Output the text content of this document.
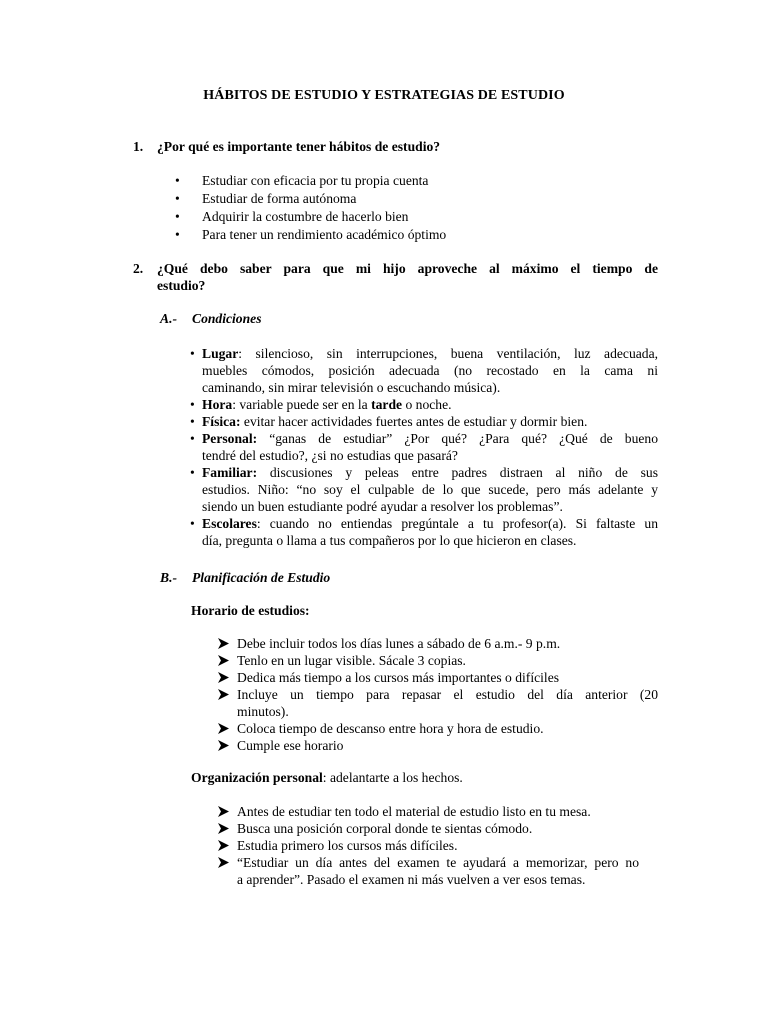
HÁBITOS DE ESTUDIO Y ESTRATEGIAS DE ESTUDIO
1. ¿Por qué es importante tener hábitos de estudio?
• Estudiar con eficacia por tu propia cuenta
• Estudiar de forma autónoma
• Adquirir la costumbre de hacerlo bien
• Para tener un rendimiento académico óptimo
2. ¿Qué debo saber para que mi hijo aproveche al máximo el tiempo de
estudio?
A.- Condiciones
• Lugar: silencioso, sin interrupciones, buena ventilación, luz adecuada,
muebles cómodos, posición adecuada (no recostado en la cama ni
caminando, sin mirar televisión o escuchando música).
• Hora: variable puede ser en la tarde o noche.
• Física: evitar hacer actividades fuertes antes de estudiar y dormir bien.
• Personal: “ganas de estudiar” ¿Por qué? ¿Para qué? ¿Qué de bueno
tendré del estudio?, ¿si no estudias que pasará?
• Familiar: discusiones y peleas entre padres distraen al niño de sus
estudios. Niño: “no soy el culpable de lo que sucede, pero más adelante y
siendo un buen estudiante podré ayudar a resolver los problemas”.
• Escolares: cuando no entiendas pregúntale a tu profesor(a). Si faltaste un
día, pregunta o llama a tus compañeros por lo que hicieron en clases.
B.- Planificación de Estudio
Horario de estudios:
Debe incluir todos los días lunes a sábado de 6 a.m.- 9 p.m.
Tenlo en un lugar visible. Sácale 3 copias.
Dedica más tiempo a los cursos más importantes o difíciles
Incluye un tiempo para repasar el estudio del día anterior (20
minutos).
Coloca tiempo de descanso entre hora y hora de estudio.
Cumple ese horario
Organización personal: adelantarte a los hechos.
Antes de estudiar ten todo el material de estudio listo en tu mesa.
Busca una posición corporal donde te sientas cómodo.
Estudia primero los cursos más difíciles.
“Estudiar un día antes del examen te ayudará a memorizar, pero no
a aprender”. Pasado el examen ni más vuelven a ver esos temas.
